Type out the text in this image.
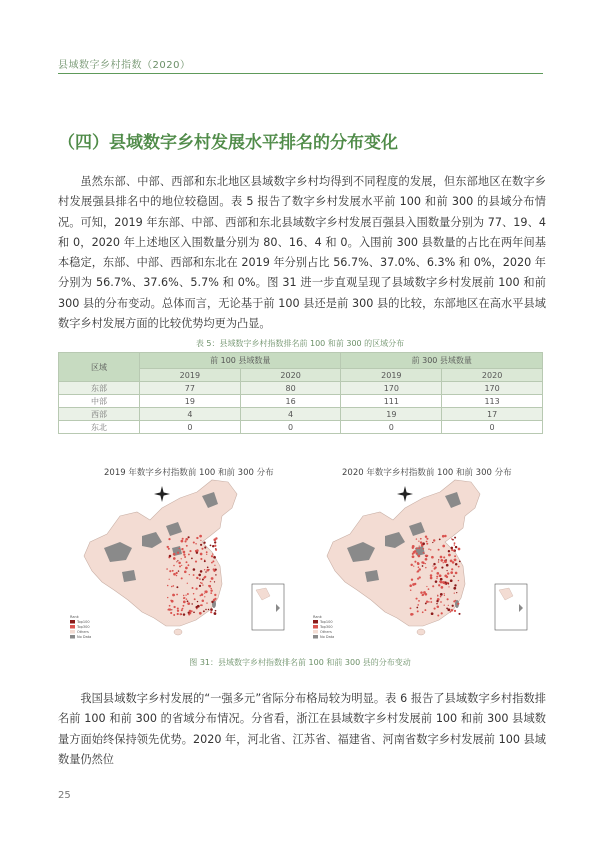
县域数字乡村指数（2020）
（四）县域数字乡村发展水平排名的分布变化

虽然东部、中部、西部和东北地区县域数字乡村均得到不同程度的发展，但东部地区在数字乡村发展强县排名中的地位较稳固。表 5 报告了数字乡村发展水平前 100 和前 300 的县域分布情况。可知，2019 年东部、中部、西部和东北县域数字乡村发展百强县入围数量分别为 77、19、4 和 0，2020 年上述地区入围数量分别为 80、16、4 和 0。入围前 300 县数量的占比在两年间基本稳定，东部、中部、西部和东北在 2019 年分别占比 56.7%、37.0%、6.3% 和 0%，2020 年分别为 56.7%、37.6%、5.7% 和 0%。图 31 进一步直观呈现了县域数字乡村发展前 100 和前 300 县的分布变动。总体而言，无论基于前 100 县还是前 300 县的比较，东部地区在高水平县域数字乡村发展方面的比较优势均更为凸显。

表 5：县域数字乡村指数排名前 100 和前 300 的区域分布
区域	前 100 县域数量		前 300 县域数量	
	2019	2020	2019	2020
东部	77	80	170	170
中部	19	16	111	113
西部	4	4	19	17
东北	0	0	0	0
2019 年数字乡村指数前 100 和前 300 分布	2020 年数字乡村指数前 100 和前 300 分布
Rank
Top100
Top300
Others
No Data
Rank
Top100
Top300
Others
No Data
图 31：县域数字乡村指数排名前 100 和前 300 县的分布变动

我国县域数字乡村发展的“一强多元”省际分布格局较为明显。表 6 报告了县域数字乡村指数排名前 100 和前 300 的省域分布情况。分省看，浙江在县域数字乡村发展前 100 和前 300 县域数量方面始终保持领先优势。2020 年，河北省、江苏省、福建省、河南省数字乡村发展前 100 县域数量仍然位

25
